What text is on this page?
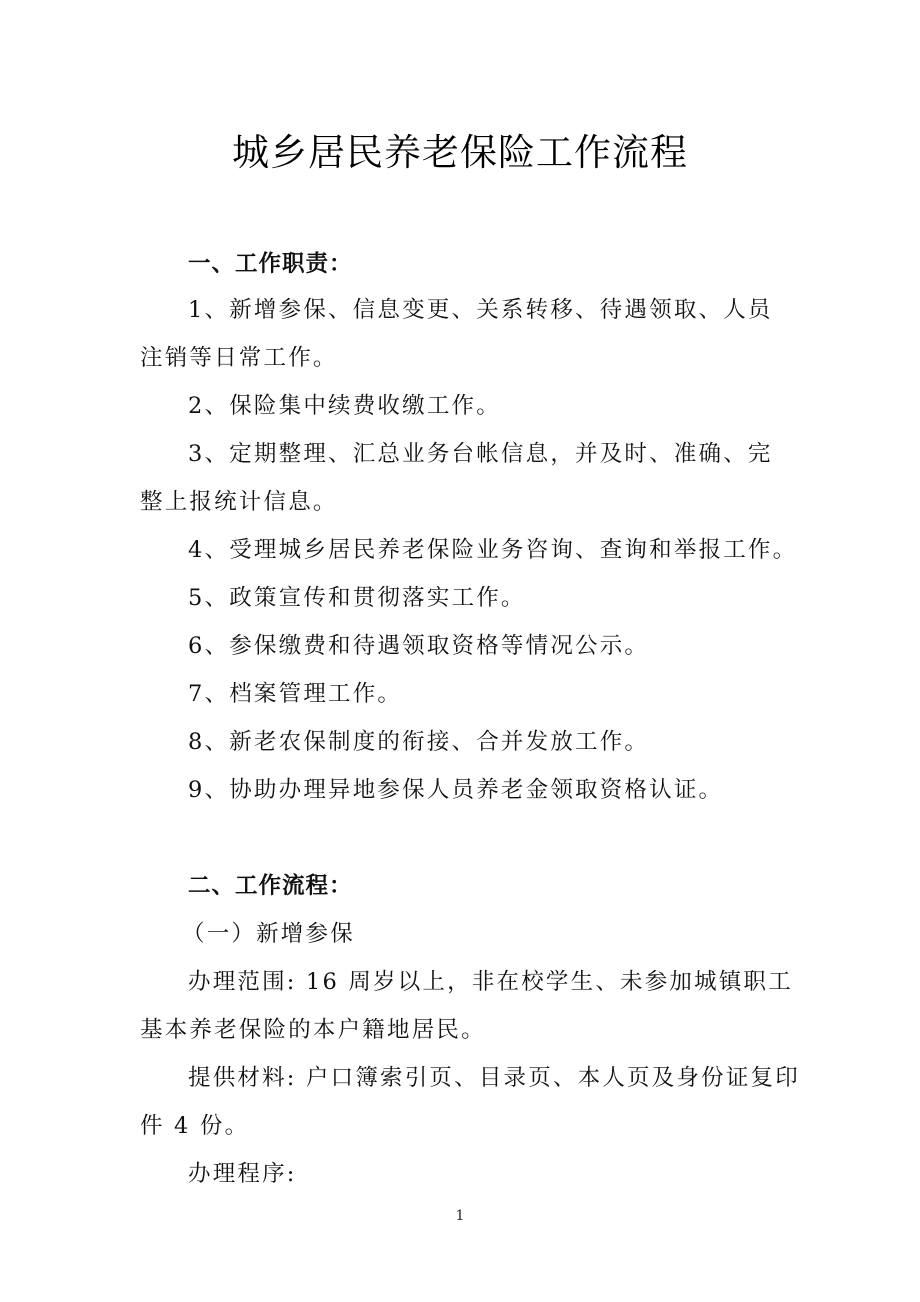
城乡居民养老保险工作流程
一、工作职责：
1、新增参保、信息变更、关系转移、待遇领取、人员
注销等日常工作。
2、保险集中续费收缴工作。
3、定期整理、汇总业务台帐信息，并及时、准确、完
整上报统计信息。
4、受理城乡居民养老保险业务咨询、查询和举报工作。
5、政策宣传和贯彻落实工作。
6、参保缴费和待遇领取资格等情况公示。
7、档案管理工作。
8、新老农保制度的衔接、合并发放工作。
9、协助办理异地参保人员养老金领取资格认证。
二、工作流程：
（一）新增参保
办理范围: 16 周岁以上，非在校学生、未参加城镇职工
基本养老保险的本户籍地居民。
提供材料: 户口簿索引页、目录页、本人页及身份证复印
件 4 份。
办理程序:
1
